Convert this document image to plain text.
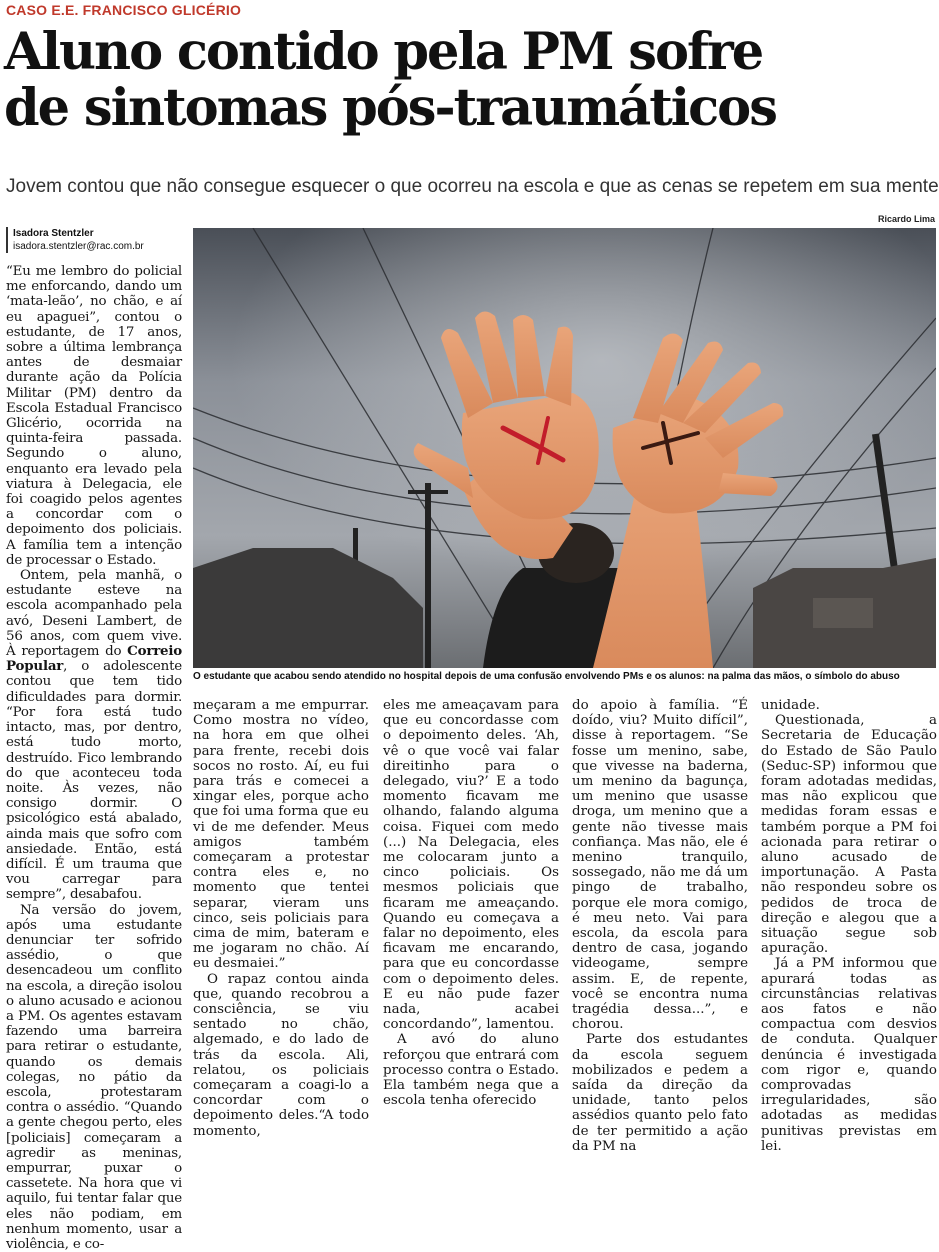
CASO E.E. FRANCISCO GLICÉRIO
Aluno contido pela PM sofre
de sintomas pós-traumáticos
Jovem contou que não consegue esquecer o que ocorreu na escola e que as cenas se repetem em sua mente
Ricardo Lima
Isadora Stentzler
isadora.stentzler@rac.com.br
O estudante que acabou sendo atendido no hospital depois de uma confusão envolvendo PMs e os alunos: na palma das mãos, o símbolo do abuso

“Eu me lembro do policial me enforcando, dando um ‘mata-leão’, no chão, e aí eu apaguei”, contou o estudante, de 17 anos, sobre a última lembrança antes de desmaiar durante ação da Polícia Militar (PM) dentro da Escola Estadual Francisco Glicério, ocorrida na quinta-feira passada. Segundo o aluno, enquanto era levado pela viatura à Delegacia, ele foi coagido pelos agentes a concordar com o depoimento dos policiais. A família tem a intenção de processar o Estado.

Ontem, pela manhã, o estudante esteve na escola acompanhado pela avó, Deseni Lambert, de 56 anos, com quem vive. À reportagem do Correio Popular, o adolescente contou que tem tido dificuldades para dormir. “Por fora está tudo intacto, mas, por dentro, está tudo morto, destruído. Fico lembrando do que aconteceu toda noite. Às vezes, não consigo dormir. O psicológico está abalado, ainda mais que sofro com ansiedade. Então, está difícil. É um trauma que vou carregar para sempre”, desabafou.

Na versão do jovem, após uma estudante denunciar ter sofrido assédio, o que desencadeou um conflito na escola, a direção isolou o aluno acusado e acionou a PM. Os agentes estavam fazendo uma barreira para retirar o estudante, quando os demais colegas, no pátio da escola, protestaram contra o assédio. “Quando a gente chegou perto, eles [policiais] começaram a agredir as meninas, empurrar, puxar o cassetete. Na hora que vi aquilo, fui tentar falar que eles não podiam, em nenhum momento, usar a violência, e co-

meçaram a me empurrar. Como mostra no vídeo, na hora em que olhei para frente, recebi dois socos no rosto. Aí, eu fui para trás e comecei a xingar eles, porque acho que foi uma forma que eu vi de me defender. Meus amigos também começaram a protestar contra eles e, no momento que tentei separar, vieram uns cinco, seis policiais para cima de mim, bateram e me jogaram no chão. Aí eu desmaiei.”

O rapaz contou ainda que, quando recobrou a consciência, se viu sentado no chão, algemado, e do lado de trás da escola. Ali, relatou, os policiais começaram a coagi-lo a concordar com o depoimento deles.“A todo momento,

eles me ameaçavam para que eu concordasse com o depoimento deles. ‘Ah, vê o que você vai falar direitinho para o delegado, viu?’ E a todo momento ficavam me olhando, falando alguma coisa. Fiquei com medo (...) Na Delegacia, eles me colocaram junto a cinco policiais. Os mesmos policiais que ficaram me ameaçando. Quando eu começava a falar no depoimento, eles ficavam me encarando, para que eu concordasse com o depoimento deles. E eu não pude fazer nada, acabei concordando”, lamentou.

A avó do aluno reforçou que entrará com processo contra o Estado. Ela também nega que a escola tenha oferecido

do apoio à família. “É doído, viu? Muito difícil”, disse à reportagem. “Se fosse um menino, sabe, que vivesse na baderna, um menino da bagunça, um menino que usasse droga, um menino que a gente não tivesse mais confiança. Mas não, ele é menino tranquilo, sossegado, não me dá um pingo de trabalho, porque ele mora comigo, é meu neto. Vai para escola, da escola para dentro de casa, jogando videogame, sempre assim. E, de repente, você se encontra numa tragédia dessa...”, e chorou.

Parte dos estudantes da escola seguem mobilizados e pedem a saída da direção da unidade, tanto pelos assédios quanto pelo fato de ter permitido a ação da PM na

unidade.

Questionada, a Secretaria de Educação do Estado de São Paulo (Seduc-SP) informou que foram adotadas medidas, mas não explicou que medidas foram essas e também porque a PM foi acionada para retirar o aluno acusado de importunação. A Pasta não respondeu sobre os pedidos de troca de direção e alegou que a situação segue sob apuração.

Já a PM informou que apurará todas as circunstâncias relativas aos fatos e não compactua com desvios de conduta. Qualquer denúncia é investigada com rigor e, quando comprovadas irregularidades, são adotadas as medidas punitivas previstas em lei.
